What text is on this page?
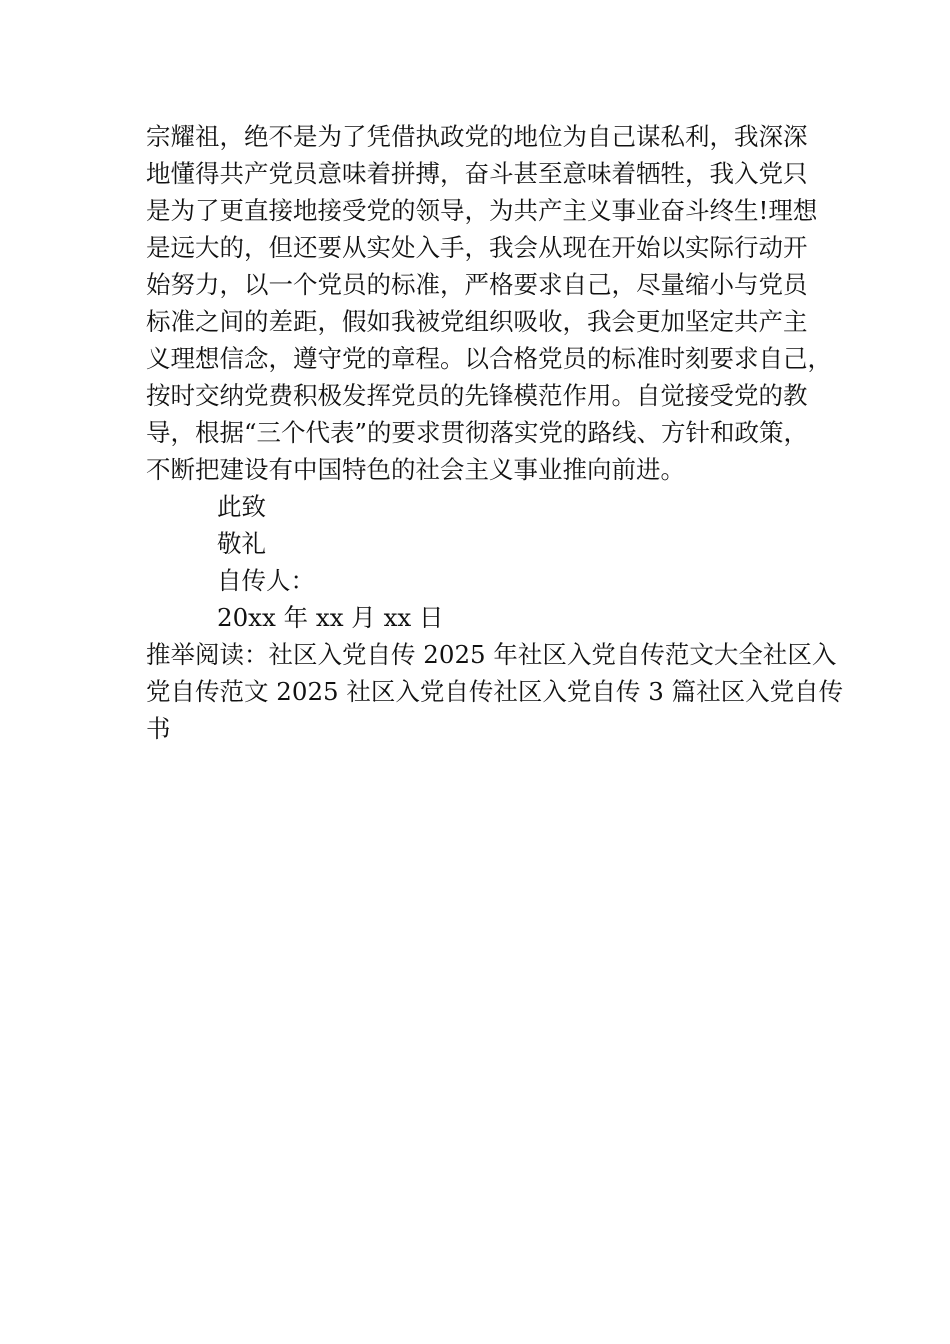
宗耀祖，绝不是为了凭借执政党的地位为自己谋私利，我深深
地懂得共产党员意味着拼搏，奋斗甚至意味着牺牲，我入党只
是为了更直接地接受党的领导，为共产主义事业奋斗终生!理想
是远大的，但还要从实处入手，我会从现在开始以实际行动开
始努力，以一个党员的标准，严格要求自己，尽量缩小与党员
标准之间的差距，假如我被党组织吸收，我会更加坚定共产主
义理想信念，遵守党的章程。以合格党员的标准时刻要求自己，
按时交纳党费积极发挥党员的先锋模范作用。自觉接受党的教
导，根据“三个代表”的要求贯彻落实党的路线、方针和政策，
不断把建设有中国特色的社会主义事业推向前进。
此致
敬礼
自传人：
20xx 年 xx 月 xx 日
推举阅读：社区入党自传 2025 年社区入党自传范文大全社区入
党自传范文 2025 社区入党自传社区入党自传 3 篇社区入党自传
书
